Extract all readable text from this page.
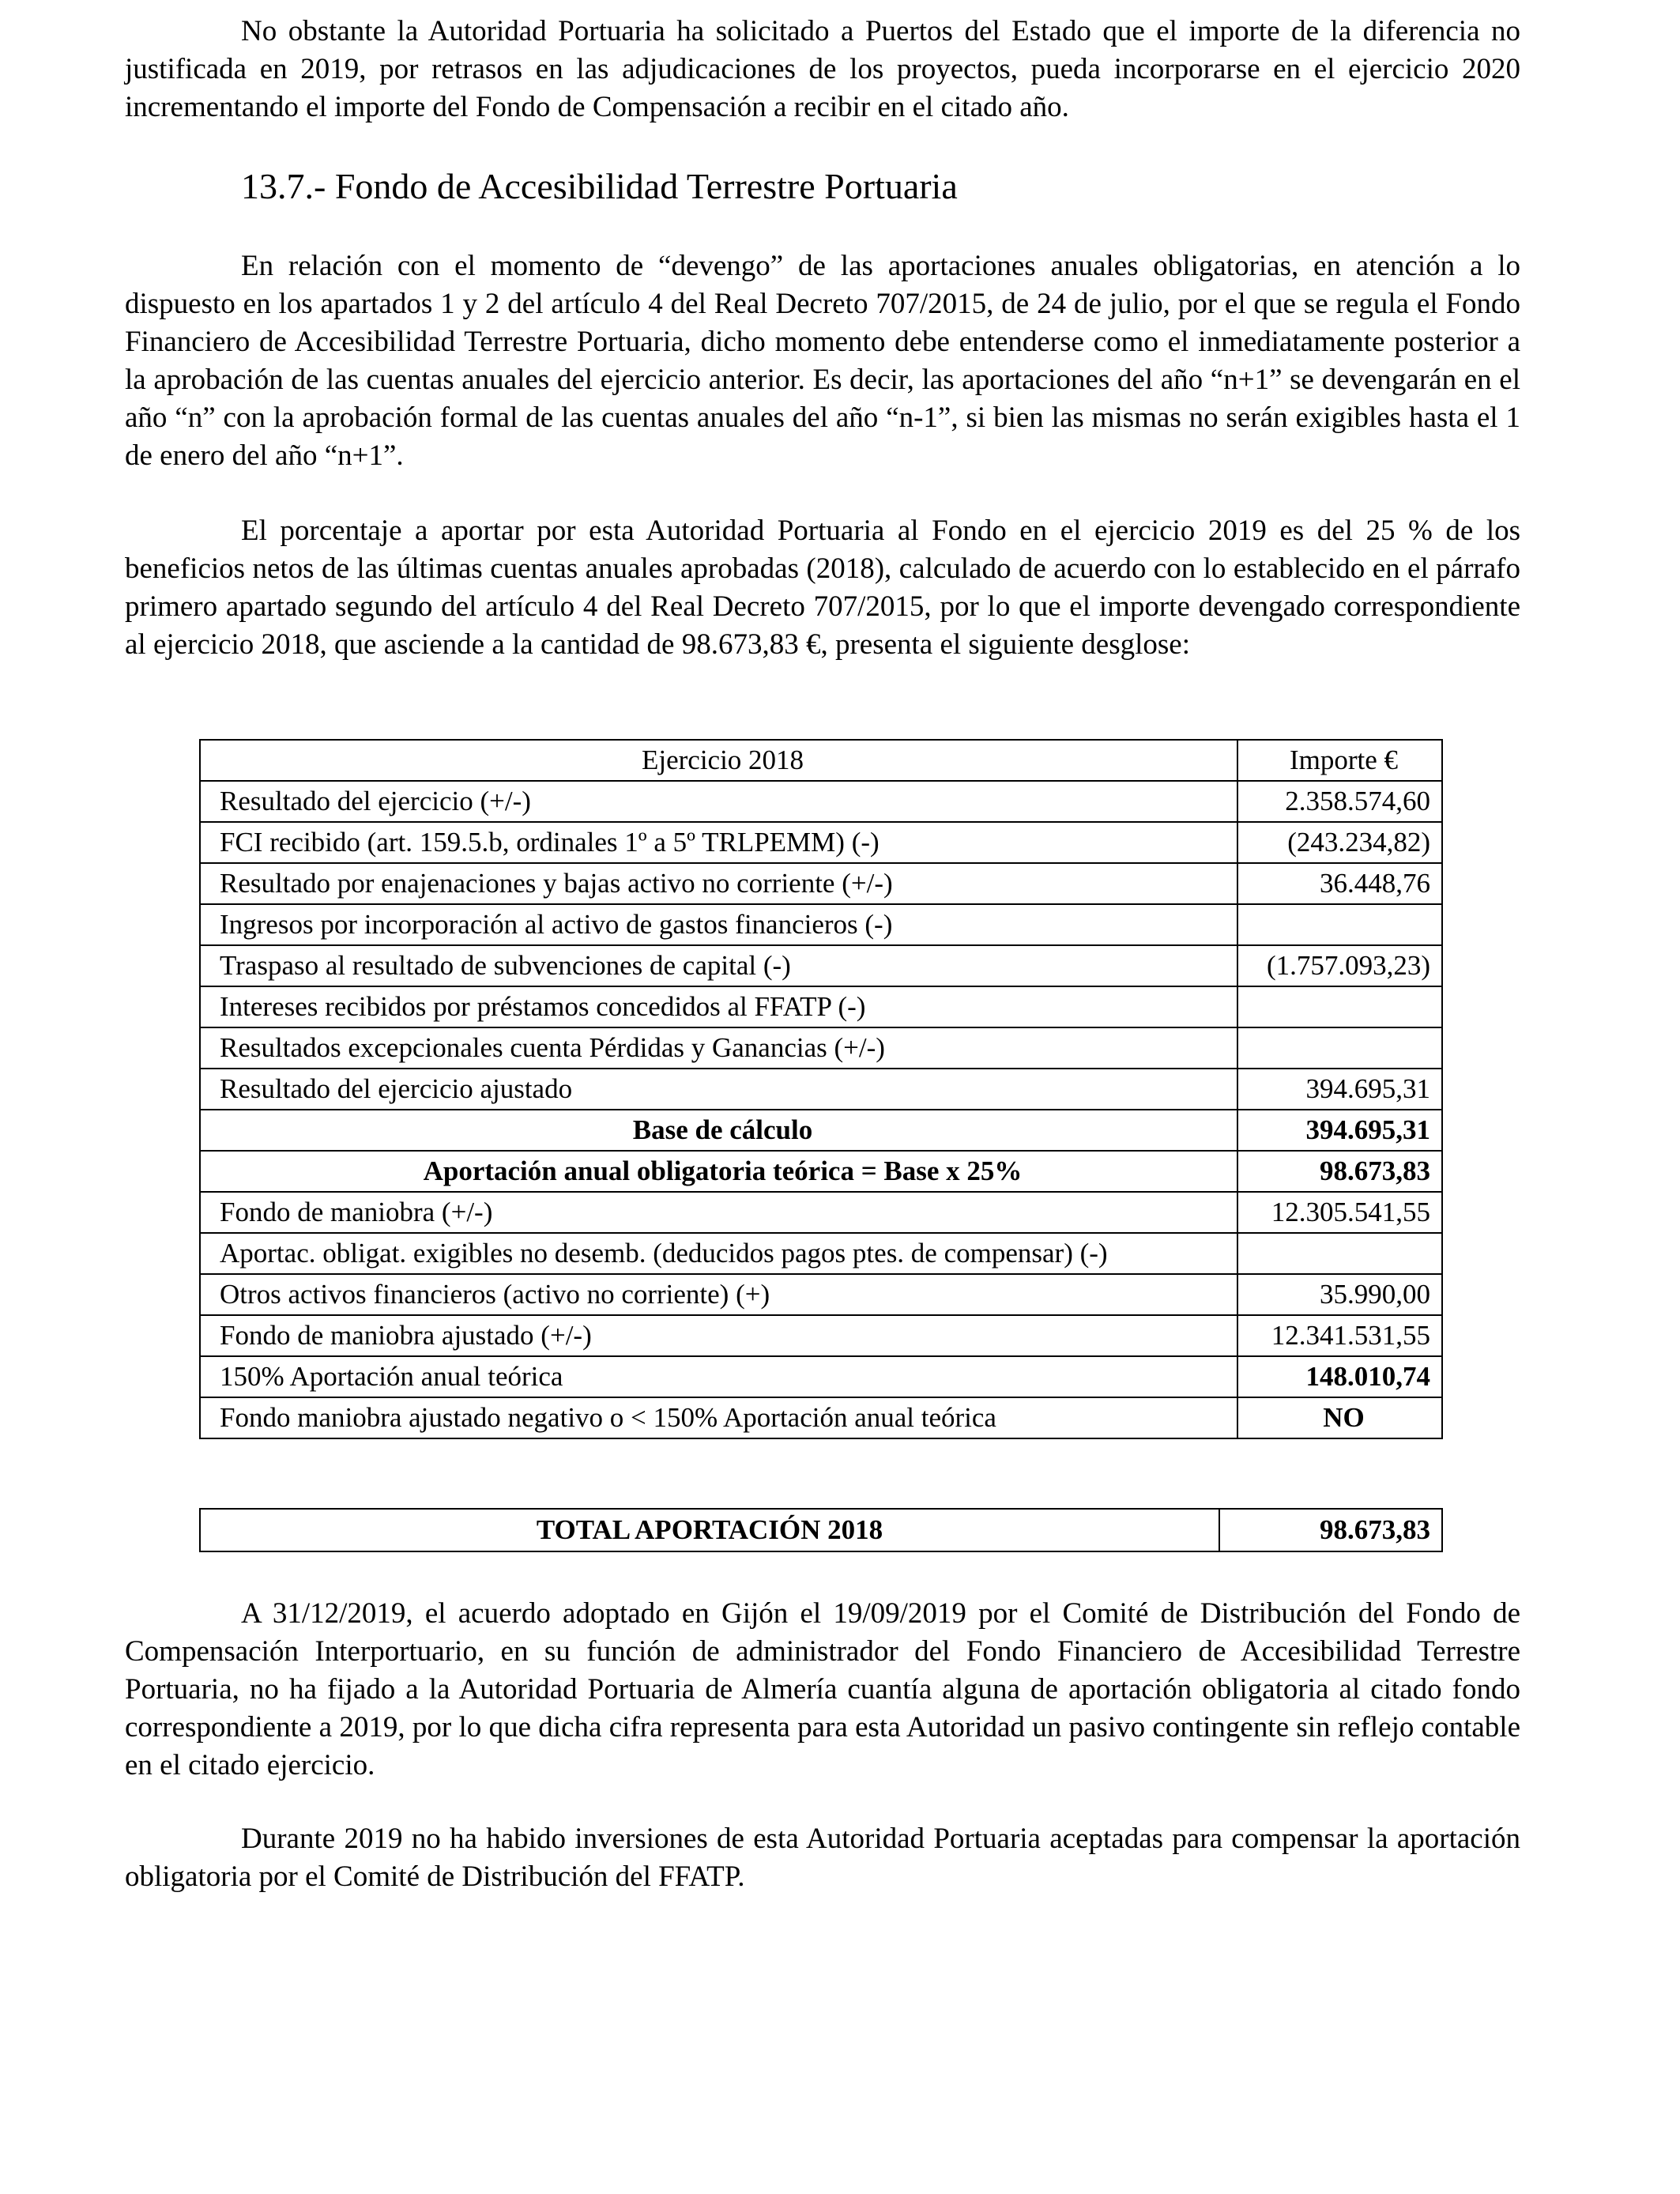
No obstante la Autoridad Portuaria ha solicitado a Puertos del Estado que el importe de la diferencia no justificada en 2019, por retrasos en las adjudicaciones de los proyectos, pueda incorporarse en el ejercicio 2020 incrementando el importe del Fondo de Compensación a recibir en el citado año.

13.7.- Fondo de Accesibilidad Terrestre Portuaria

En relación con el momento de “devengo” de las aportaciones anuales obligatorias, en atención a lo dispuesto en los apartados 1 y 2 del artículo 4 del Real Decreto 707/2015, de 24 de julio, por el que se regula el Fondo Financiero de Accesibilidad Terrestre Portuaria, dicho momento debe entenderse como el inmediatamente posterior a la aprobación de las cuentas anuales del ejercicio anterior. Es decir, las aportaciones del año “n+1” se devengarán en el año “n” con la aprobación formal de las cuentas anuales del año “n-1”, si bien las mismas no serán exigibles hasta el 1 de enero del año “n+1”.

El porcentaje a aportar por esta Autoridad Portuaria al Fondo en el ejercicio 2019 es del 25 % de los beneficios netos de las últimas cuentas anuales aprobadas (2018), calculado de acuerdo con lo establecido en el párrafo primero apartado segundo del artículo 4 del Real Decreto 707/2015, por lo que el importe devengado correspondiente al ejercicio 2018, que asciende a la cantidad de 98.673,83 €, presenta el siguiente desglose:

A 31/12/2019, el acuerdo adoptado en Gijón el 19/09/2019 por el Comité de Distribución del Fondo de Compensación Interportuario, en su función de administrador del Fondo Financiero de Accesibilidad Terrestre Portuaria, no ha fijado a la Autoridad Portuaria de Almería cuantía alguna de aportación obligatoria al citado fondo correspondiente a 2019, por lo que dicha cifra representa para esta Autoridad un pasivo contingente sin reflejo contable en el citado ejercicio.

Durante 2019 no ha habido inversiones de esta Autoridad Portuaria aceptadas para compensar la aportación obligatoria por el Comité de Distribución del FFATP.

Ejercicio 2018	Importe €
Resultado del ejercicio (+/-)	2.358.574,60
FCI recibido (art. 159.5.b, ordinales 1º a 5º TRLPEMM) (-)	(243.234,82)
Resultado por enajenaciones y bajas activo no corriente (+/-)	36.448,76
Ingresos por incorporación al activo de gastos financieros (-)	
Traspaso al resultado de subvenciones de capital (-)	(1.757.093,23)
Intereses recibidos por préstamos concedidos al FFATP (-)	
Resultados excepcionales cuenta Pérdidas y Ganancias (+/-)	
Resultado del ejercicio ajustado	394.695,31
Base de cálculo	394.695,31
Aportación anual obligatoria teórica = Base x 25%	98.673,83
Fondo de maniobra (+/-)	12.305.541,55
Aportac. obligat. exigibles no desemb. (deducidos pagos ptes. de compensar) (-)	
Otros activos financieros (activo no corriente) (+)	35.990,00
Fondo de maniobra ajustado (+/-)	12.341.531,55
150% Aportación anual teórica	148.010,74
Fondo maniobra ajustado negativo o < 150% Aportación anual teórica	NO
TOTAL APORTACIÓN 2018	98.673,83
